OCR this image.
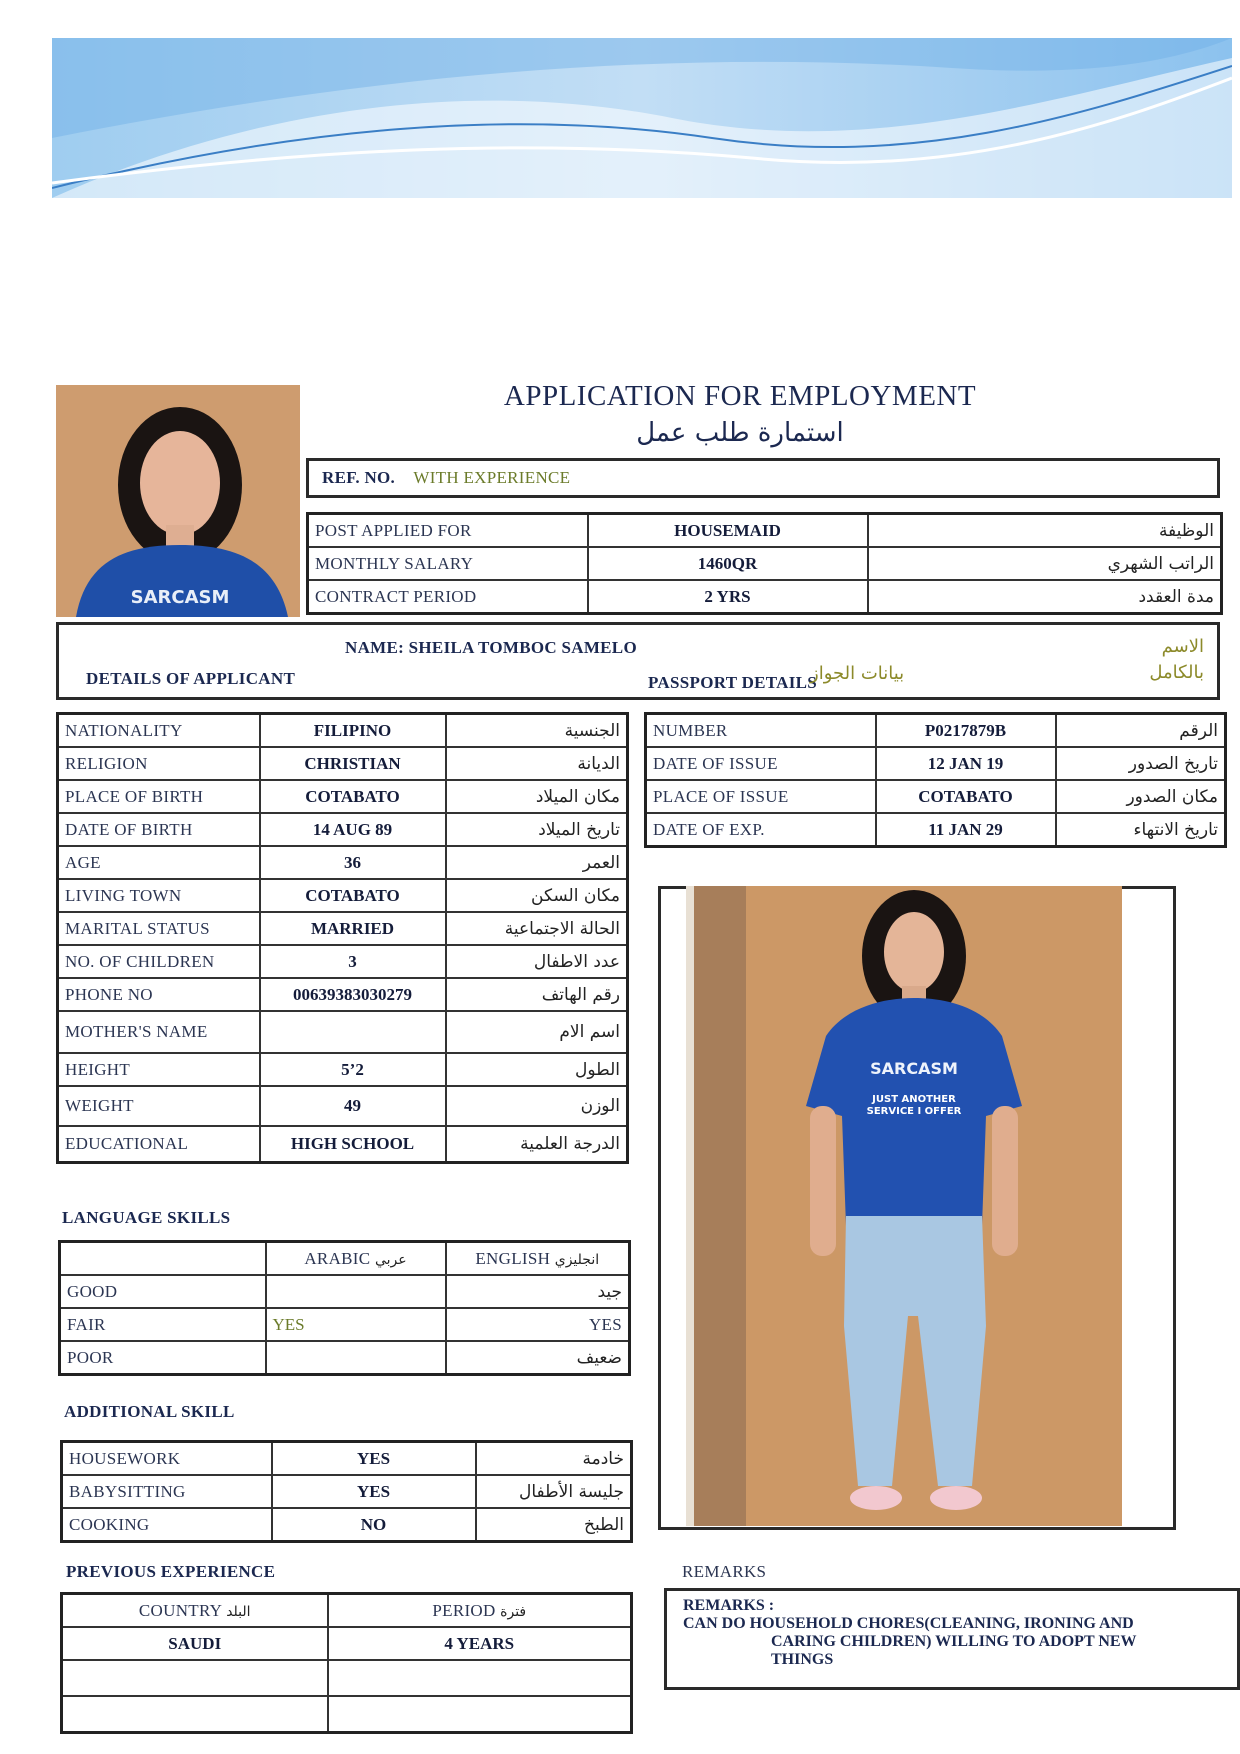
SARCASM
APPLICATION FOR EMPLOYMENT
استمارة طلب عمل
REF. NO. WITH EXPERIENCE
POST APPLIED FOR	HOUSEMAID	الوظيفة
MONTHLY SALARY	1460QR	الراتب الشهري
CONTRACT PERIOD	2 YRS	مدة العقدد
NAME: SHEILA TOMBOC SAMELO
DETAILS OF APPLICANT	PASSPORT DETAILS
بيانات الجواز
الاسم
بالكامل
NATIONALITY	FILIPINO	الجنسية
RELIGION	CHRISTIAN	الديانة
PLACE OF BIRTH	COTABATO	مكان الميلاد
DATE OF BIRTH	14 AUG 89	تاريخ الميلاد
AGE	36	العمر
LIVING TOWN	COTABATO	مكان السكن
MARITAL STATUS	MARRIED	الحالة الاجتماعية
NO. OF CHILDREN	3	عدد الاطفال
PHONE NO	00639383030279	رقم الهاتف
MOTHER'S NAME		اسم الام
HEIGHT	5’2	الطول
WEIGHT	49	الوزن
EDUCATIONAL	HIGH SCHOOL	الدرجة العلمية
NUMBER	P0217879B	الرقم
DATE OF ISSUE	12 JAN 19	تاريخ الصدور
PLACE OF ISSUE	COTABATO	مكان الصدور
DATE OF EXP.	11 JAN 29	تاريخ الانتهاء
SARCASM
JUST ANOTHER
SERVICE I OFFER
LANGUAGE SKILLS
	ARABIC عربي	ENGLISH انجليزي
GOOD		جيد
FAIR	YES	YES
POOR		ضعيف
ADDITIONAL SKILL
HOUSEWORK	YES	خادمة
BABYSITTING	YES	جليسة الأطفال
COOKING	NO	الطبخ
PREVIOUS EXPERIENCE
COUNTRY البلد	PERIOD فترة
SAUDI	4 YEARS

REMARKS
REMARKS :
CAN DO HOUSEHOLD CHORES(CLEANING, IRONING AND
CARING CHILDREN) WILLING TO ADOPT NEW
THINGS
